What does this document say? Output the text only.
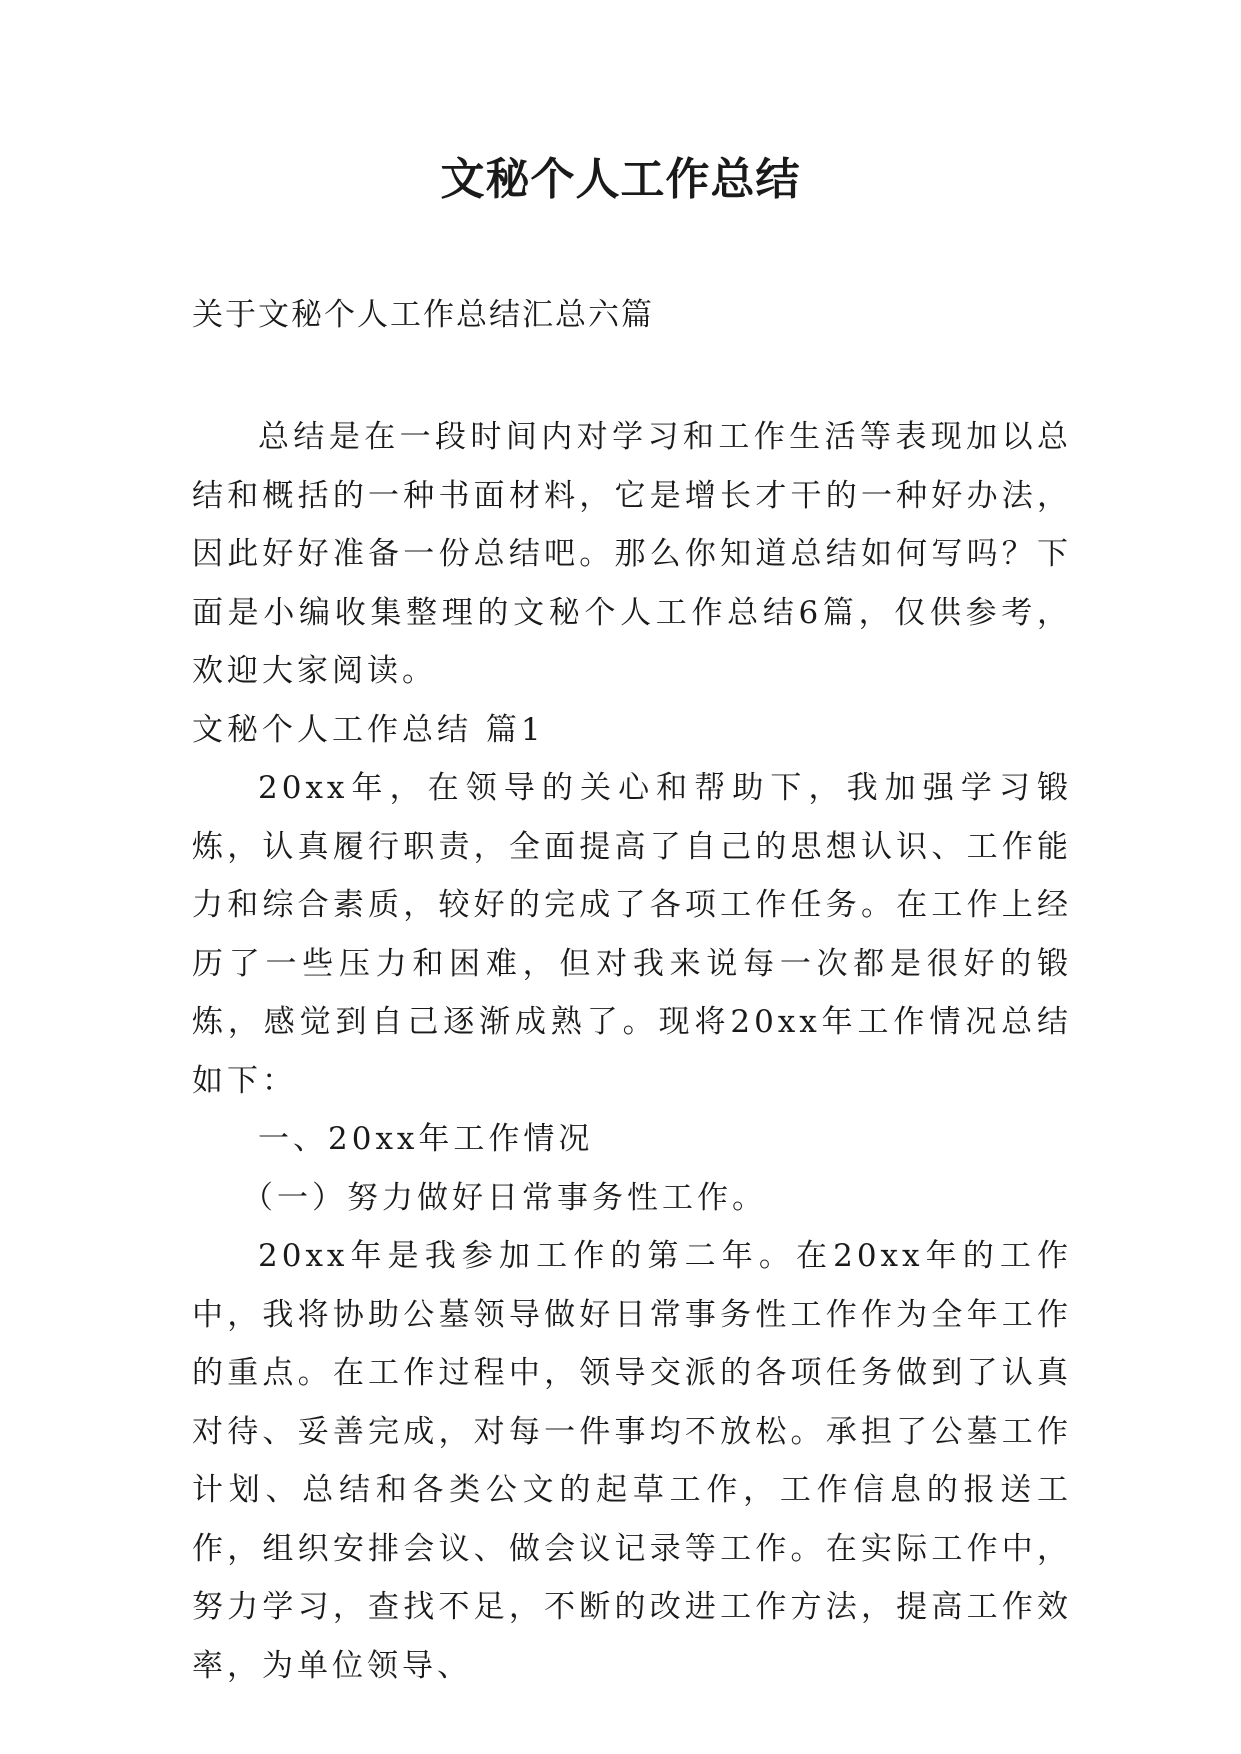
文秘个人工作总结
关于文秘个人工作总结汇总六篇

总结是在一段时间内对学习和工作生活等表现加以总结和概括的一种书面材料，它是增长才干的一种好办法，因此好好准备一份总结吧。那么你知道总结如何写吗？下面是小编收集整理的文秘个人工作总结6篇，仅供参考，欢迎大家阅读。

文秘个人工作总结 篇1

20xx年，在领导的关心和帮助下，我加强学习锻炼，认真履行职责，全面提高了自己的思想认识、工作能力和综合素质，较好的完成了各项工作任务。在工作上经历了一些压力和困难，但对我来说每一次都是很好的锻炼，感觉到自己逐渐成熟了。现将20xx年工作情况总结如下：

一、20xx年工作情况

（一）努力做好日常事务性工作。

20xx年是我参加工作的第二年。在20xx年的工作中，我将协助公墓领导做好日常事务性工作作为全年工作的重点。在工作过程中，领导交派的各项任务做到了认真对待、妥善完成，对每一件事均不放松。承担了公墓工作计划、总结和各类公文的起草工作，工作信息的报送工作，组织安排会议、做会议记录等工作。在实际工作中，努力学习，查找不足，不断的改进工作方法，提高工作效率，为单位领导、
